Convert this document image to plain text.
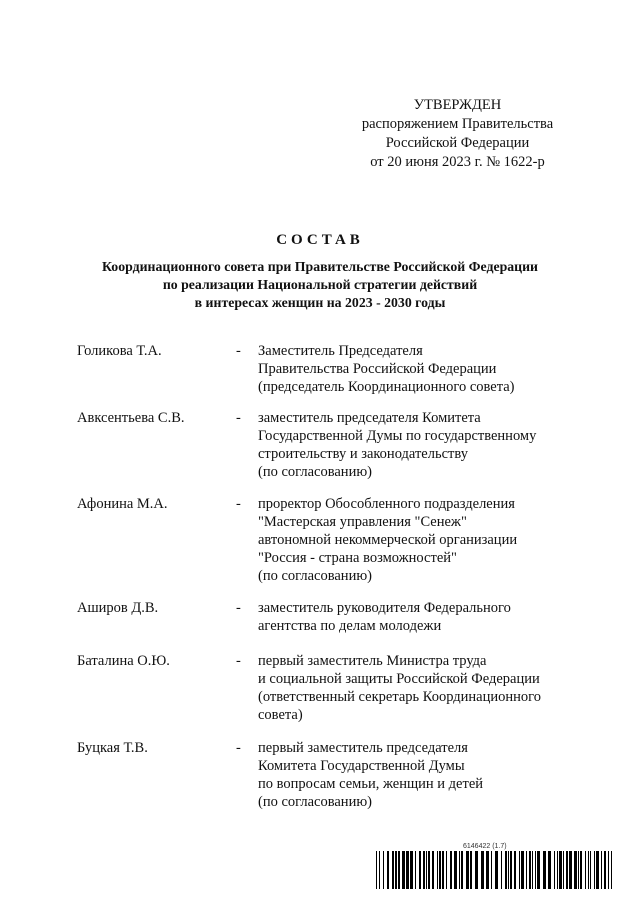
УТВЕРЖДЕН
распоряжением Правительства
Российской Федерации
от 20 июня 2023 г. № 1622-р
СОСТАВ
Координационного совета при Правительстве Российской Федерации
по реализации Национальной стратегии действий
в интересах женщин на 2023 - 2030 годы
Голикова Т.А.	- Заместитель Председателя
Правительства Российской Федерации
(председатель Координационного совета)
Авксентьева С.В.	- заместитель председателя Комитета
Государственной Думы по государственному
строительству и законодательству
(по согласованию)
Афонина М.А.	- проректор Обособленного подразделения
"Мастерская управления "Сенеж"
автономной некоммерческой организации
"Россия - страна возможностей"
(по согласованию)
Аширов Д.В.	- заместитель руководителя Федерального
агентства по делам молодежи
Баталина О.Ю.	- первый заместитель Министра труда
и социальной защиты Российской Федерации
(ответственный секретарь Координационного
совета)
Буцкая Т.В.	- первый заместитель председателя
Комитета Государственной Думы
по вопросам семьи, женщин и детей
(по согласованию)
6146422 (1.7)
